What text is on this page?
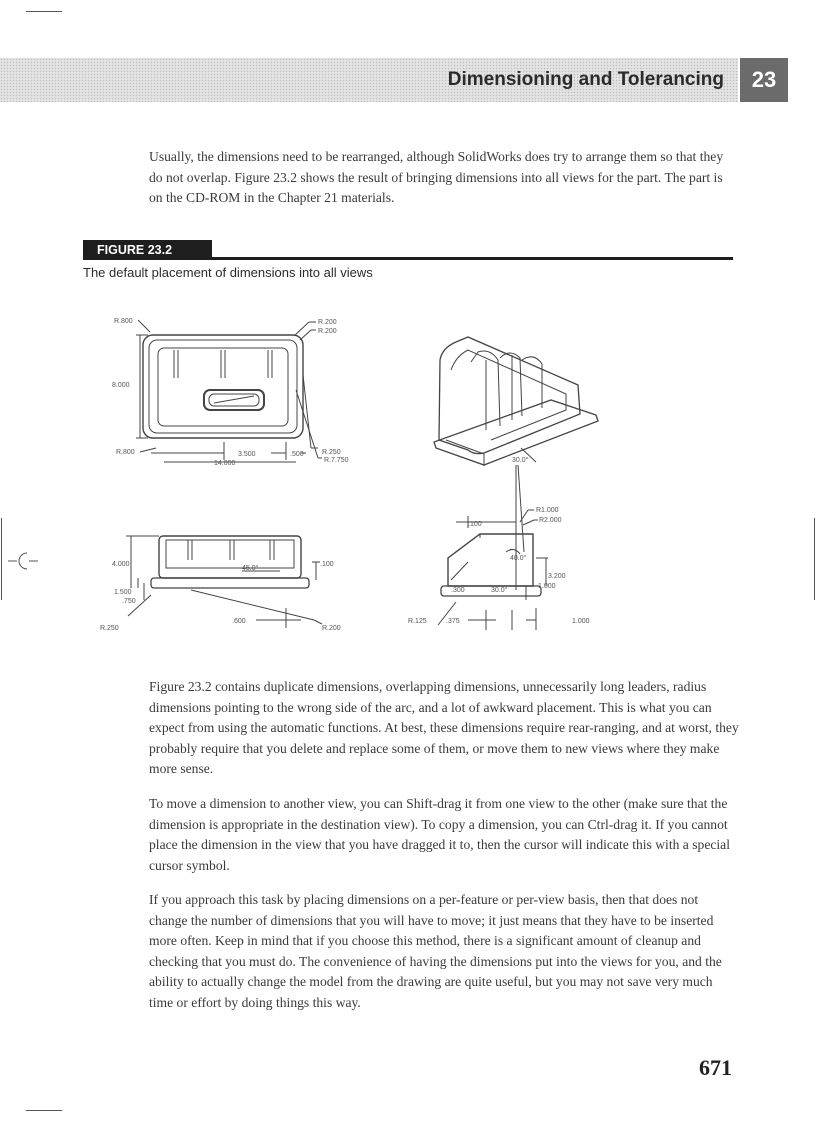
Dimensioning and Tolerancing	23

Usually, the dimensions need to be rearranged, although SolidWorks does try to arrange them so that they do not overlap. Figure 23.2 shows the result of bringing dimensions into all views for the part. The part is on the CD-ROM in the Chapter 21 materials.

FIGURE 23.2

The default placement of dimensions into all views

R.800	R.200
R.200
8.000
R.800	3.500	.500
14.000
R.250
R.7.750	30.0°
4.000
1.500
.750
45.0°
.100
R.250
.600
R.200
.100
R1.000
R2.000
40.0°
3.200
1.000
.300	30.0°
R.125	.375	1.000

Figure 23.2 contains duplicate dimensions, overlapping dimensions, unnecessarily long leaders, radius dimensions pointing to the wrong side of the arc, and a lot of awkward placement. This is what you can expect from using the automatic functions. At best, these dimensions require rear-ranging, and at worst, they probably require that you delete and replace some of them, or move them to new views where they make more sense.

To move a dimension to another view, you can Shift-drag it from one view to the other (make sure that the dimension is appropriate in the destination view). To copy a dimension, you can Ctrl-drag it. If you cannot place the dimension in the view that you have dragged it to, then the cursor will indicate this with a special cursor symbol.

If you approach this task by placing dimensions on a per-feature or per-view basis, then that does not change the number of dimensions that you will have to move; it just means that they have to be inserted more often. Keep in mind that if you choose this method, there is a significant amount of cleanup and checking that you must do. The convenience of having the dimensions put into the views for you, and the ability to actually change the model from the drawing are quite useful, but you may not save very much time or effort by doing things this way.

671
